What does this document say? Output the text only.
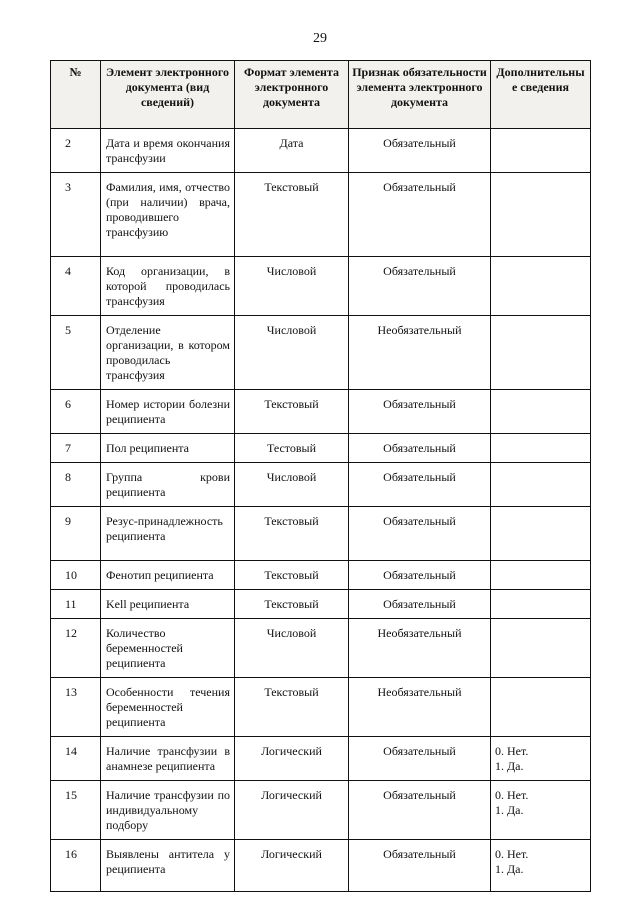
29
№	Элемент электронного документа (вид сведений)	Формат элемента электронного документа	Признак обязательности элемента электронного документа	Дополнительны е сведения
2	Дата и время окончания трансфузии	Дата	Обязательный	
3	Фамилия, имя, отчество (при наличии) врача, проводившего трансфузию	Текстовый	Обязательный	
4	Код организации, в которой проводилась трансфузия	Числовой	Обязательный	
5	Отделение организации, в котором проводилась трансфузия	Числовой	Необязательный	
6	Номер истории болезни реципиента	Текстовый	Обязательный	
7	Пол реципиента	Тестовый	Обязательный	
8	Группа крови реципиента	Числовой	Обязательный	
9	Резус-принадлежность реципиента	Текстовый	Обязательный	
10	Фенотип реципиента	Текстовый	Обязательный	
11	Kell реципиента	Текстовый	Обязательный	
12	Количество беременностей реципиента	Числовой	Необязательный	
13	Особенности течения беременностей реципиента	Текстовый	Необязательный	
14	Наличие трансфузии в анамнезе реципиента	Логический	Обязательный	0. Нет.
1. Да.

15	Наличие трансфузии по индивидуальному подбору	Логический	Обязательный	0. Нет.
1. Да.

16	Выявлены антитела у реципиента	Логический	Обязательный	0. Нет.
1. Да.
